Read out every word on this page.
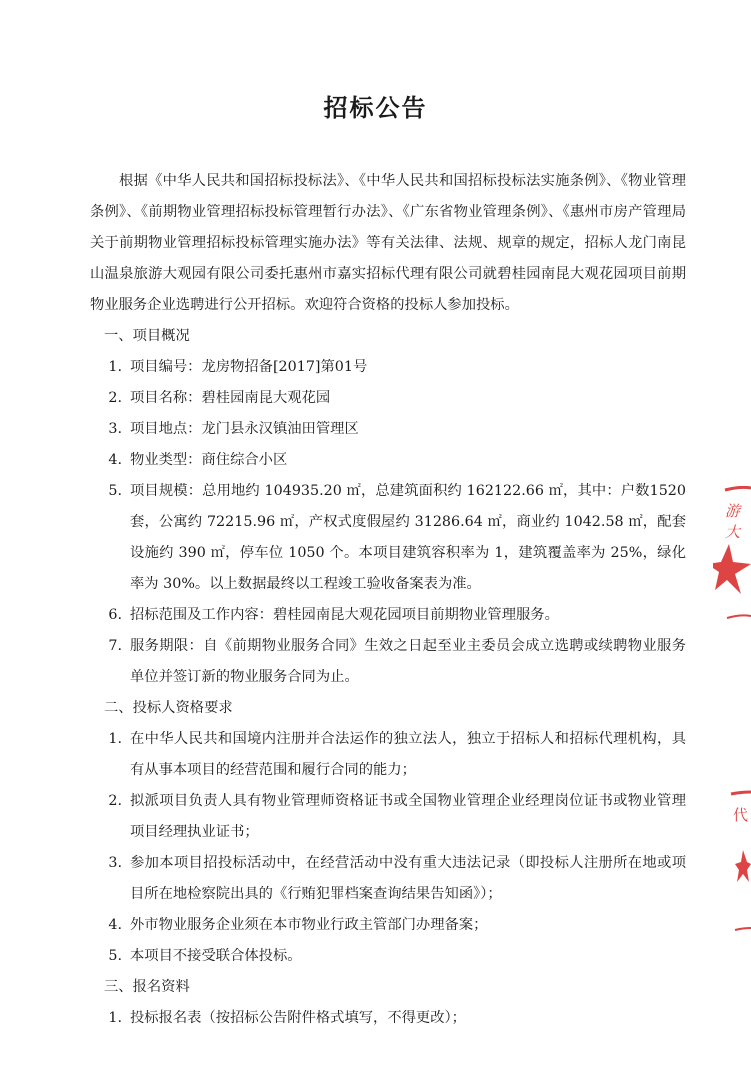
招标公告
根据《中华人民共和国招标投标法》、《中华人民共和国招标投标法实施条例》、《物业管理条例》、《前期物业管理招标投标管理暂行办法》、《广东省物业管理条例》、《惠州市房产管理局关于前期物业管理招标投标管理实施办法》等有关法律、法规、规章的规定，招标人龙门南昆山温泉旅游大观园有限公司委托惠州市嘉实招标代理有限公司就碧桂园南昆大观花园项目前期物业服务企业选聘进行公开招标。欢迎符合资格的投标人参加投标。
一、项目概况
1. 项目编号：龙房物招备[2017]第01号
2. 项目名称：碧桂园南昆大观花园
3. 项目地点：龙门县永汉镇油田管理区
4. 物业类型：商住综合小区
5. 项目规模：总用地约 104935.20 ㎡，总建筑面积约 162122.66 ㎡，其中：户数1520套，公寓约 72215.96 ㎡，产权式度假屋约 31286.64 ㎡，商业约 1042.58 ㎡，配套设施约 390 ㎡，停车位 1050 个。本项目建筑容积率为 1，建筑覆盖率为 25%，绿化率为 30%。以上数据最终以工程竣工验收备案表为准。
6. 招标范围及工作内容：碧桂园南昆大观花园项目前期物业管理服务。
7. 服务期限：自《前期物业服务合同》生效之日起至业主委员会成立选聘或续聘物业服务单位并签订新的物业服务合同为止。
二、投标人资格要求
1. 在中华人民共和国境内注册并合法运作的独立法人，独立于招标人和招标代理机构，具有从事本项目的经营范围和履行合同的能力；
2. 拟派项目负责人具有物业管理师资格证书或全国物业管理企业经理岗位证书或物业管理项目经理执业证书；
3. 参加本项目招投标活动中，在经营活动中没有重大违法记录（即投标人注册所在地或项目所在地检察院出具的《行贿犯罪档案查询结果告知函》）；
4. 外市物业服务企业须在本市物业行政主管部门办理备案；
5. 本项目不接受联合体投标。
三、报名资料
1. 投标报名表（按招标公告附件格式填写，不得更改）；
游大
代
